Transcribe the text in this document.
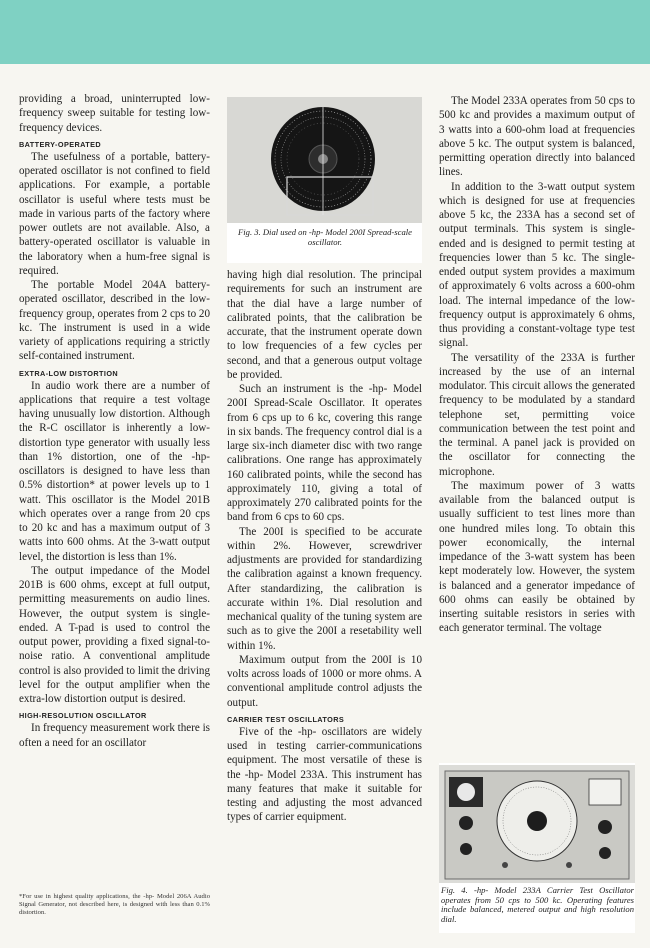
providing a broad, uninterrupted low-frequency sweep suitable for testing low-frequency devices.

BATTERY-OPERATED

The usefulness of a portable, battery-operated oscillator is not confined to field applications. For example, a portable oscillator is useful where tests must be made in various parts of the factory where power outlets are not available. Also, a battery-operated oscillator is valuable in the laboratory when a hum-free signal is required.

The portable Model 204A battery-operated oscillator, described in the low-frequency group, operates from 2 cps to 20 kc. The instrument is used in a wide variety of applications requiring a strictly self-contained instrument.

EXTRA-LOW DISTORTION

In audio work there are a number of applications that require a test voltage having unusually low distortion. Although the R-C oscillator is inherently a low-distortion type generator with usually less than 1% distortion, one of the -hp- oscillators is designed to have less than 0.5% distortion* at power levels up to 1 watt. This oscillator is the Model 201B which operates over a range from 20 cps to 20 kc and has a maximum output of 3 watts into 600 ohms. At the 3-watt output level, the distortion is less than 1%.

The output impedance of the Model 201B is 600 ohms, except at full output, permitting measurements on audio lines. However, the output system is single-ended. A T-pad is used to control the output power, providing a fixed signal-to-noise ratio. A conventional amplitude control is also provided to limit the driving level for the output amplifier when the extra-low distortion output is desired.

HIGH-RESOLUTION OSCILLATOR

In frequency measurement work there is often a need for an oscillator

*For use in highest quality applications, the -hp- Model 206A Audio Signal Generator, not described here, is designed with less than 0.1% distortion.
Fig. 3. Dial used on -hp- Model 200I Spread-scale oscillator.

having high dial resolution. The principal requirements for such an instrument are that the dial have a large number of calibrated points, that the calibration be accurate, that the instrument operate down to low frequencies of a few cycles per second, and that a generous output voltage be provided.

Such an instrument is the -hp- Model 200I Spread-Scale Oscillator. It operates from 6 cps up to 6 kc, covering this range in six bands. The frequency control dial is a large six-inch diameter disc with two range calibrations. One range has approximately 160 calibrated points, while the second has approximately 110, giving a total of approximately 270 calibrated points for the band from 6 cps to 60 cps.

The 200I is specified to be accurate within 2%. However, screwdriver adjustments are provided for standardizing the calibration against a known frequency. After standardizing, the calibration is accurate within 1%. Dial resolution and mechanical quality of the tuning system are such as to give the 200I a resetability well within 1%.

Maximum output from the 200I is 10 volts across loads of 1000 or more ohms. A conventional amplitude control adjusts the output.

CARRIER TEST OSCILLATORS

Five of the -hp- oscillators are widely used in testing carrier-communications equipment. The most versatile of these is the -hp- Model 233A. This instrument has many features that make it suitable for testing and adjusting the most advanced types of carrier equipment.

The Model 233A operates from 50 cps to 500 kc and provides a maximum output of 3 watts into a 600-ohm load at frequencies above 5 kc. The output system is balanced, permitting operation directly into balanced lines.

In addition to the 3-watt output system which is designed for use at frequencies above 5 kc, the 233A has a second set of output terminals. This system is single-ended and is designed to permit testing at frequencies lower than 5 kc. The single-ended output system provides a maximum of approximately 6 volts across a 600-ohm load. The internal impedance of the low-frequency output is approximately 6 ohms, thus providing a constant-voltage type test signal.

The versatility of the 233A is further increased by the use of an internal modulator. This circuit allows the generated frequency to be modulated by a standard telephone set, permitting voice communication between the test point and the terminal. A panel jack is provided on the oscillator for connecting the microphone.

The maximum power of 3 watts available from the balanced output is usually sufficient to test lines more than one hundred miles long. To obtain this power economically, the internal impedance of the 3-watt system has been kept moderately low. However, the system is balanced and a generator impedance of 600 ohms can easily be obtained by inserting suitable resistors in series with each generator terminal. The voltage

Fig. 4. -hp- Model 233A Carrier Test Oscillator operates from 50 cps to 500 kc. Operating features include balanced, metered output and high resolution dial.
